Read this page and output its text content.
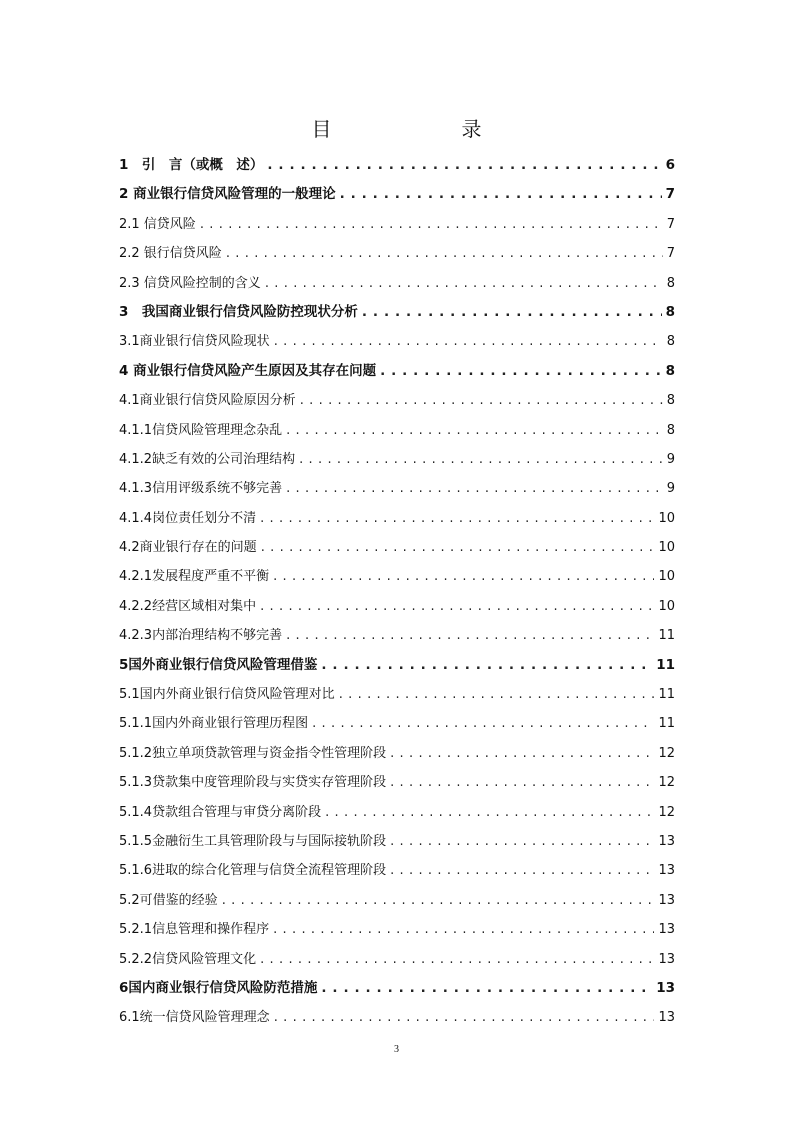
目　　录
1　引　言（或概　述） . . .	6
2 商业银行信贷风险管理的一般理论 . . .	7
2.1 信贷风险 . . .	7
2.2 银行信贷风险 . . .	7
2.3 信贷风险控制的含义 . . .	8
3　我国商业银行信贷风险防控现状分析 . . .	8
3.1商业银行信贷风险现状 . . .	8
4 商业银行信贷风险产生原因及其存在问题 . . .	8
4.1商业银行信贷风险原因分析 . . .	8
4.1.1信贷风险管理理念杂乱 . . .	8
4.1.2缺乏有效的公司治理结构 . . .	9
4.1.3信用评级系统不够完善 . . .	9
4.1.4岗位责任划分不清 . . .	10
4.2商业银行存在的问题 . . .	10
4.2.1发展程度严重不平衡 . . .	10
4.2.2经营区域相对集中 . . .	10
4.2.3内部治理结构不够完善 . . .	11
5国外商业银行信贷风险管理借鉴 . . .	11
5.1国内外商业银行信贷风险管理对比 . . .	11
5.1.1国内外商业银行管理历程图 . . .	11
5.1.2独立单项贷款管理与资金指令性管理阶段 . . .	12
5.1.3贷款集中度管理阶段与实贷实存管理阶段 . . .	12
5.1.4贷款组合管理与审贷分离阶段 . . .	12
5.1.5金融衍生工具管理阶段与与国际接轨阶段 . . .	13
5.1.6进取的综合化管理与信贷全流程管理阶段 . . .	13
5.2可借鉴的经验 . . .	13
5.2.1信息管理和操作程序 . . .	13
5.2.2信贷风险管理文化 . . .	13
6国内商业银行信贷风险防范措施 . . .	13
6.1统一信贷风险管理理念 . . .	13
3
